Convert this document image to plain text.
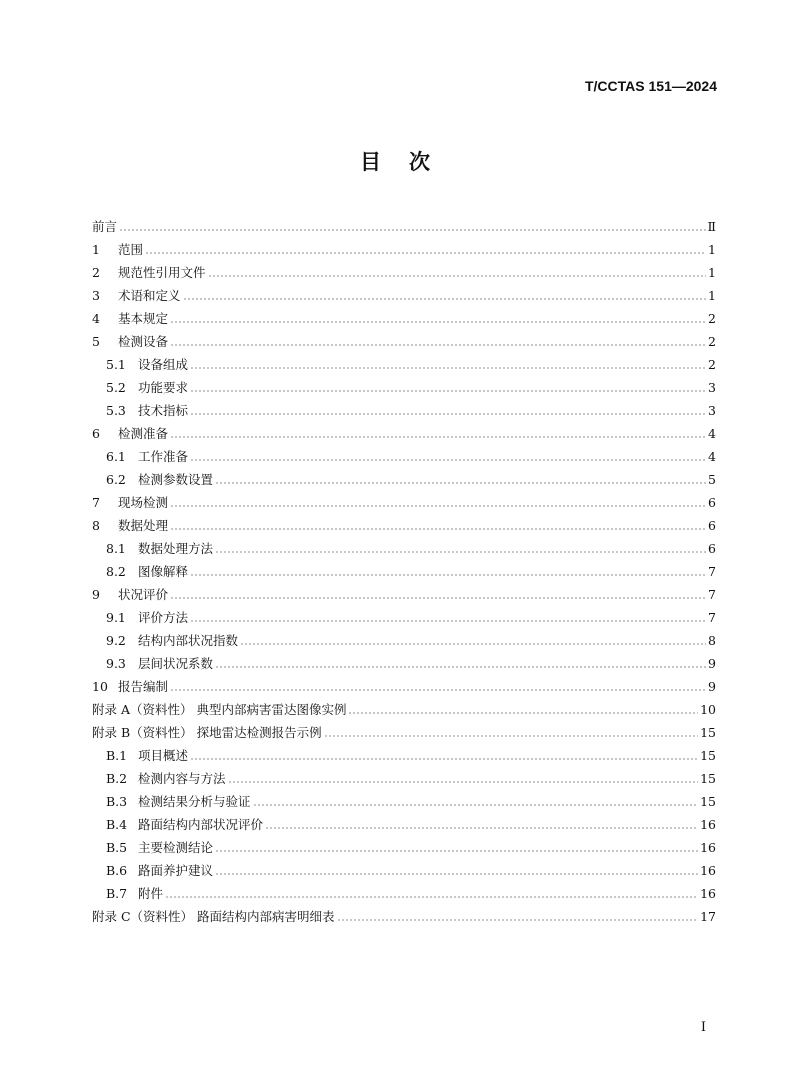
T/CCTAS 151—2024
目次
前言	Ⅱ
1	范围	1
2	规范性引用文件	1
3	术语和定义	1
4	基本规定	2
5	检测设备	2
5.1 设备组成	2
5.2 功能要求	3
5.3 技术指标	3
6	检测准备	4
6.1 工作准备	4
6.2 检测参数设置	5
7	现场检测	6
8	数据处理	6
8.1 数据处理方法	6
8.2 图像解释	7
9	状况评价	7
9.1 评价方法	7
9.2 结构内部状况指数	8
9.3 层间状况系数	9
10 报告编制	9
附录 A（资料性） 典型内部病害雷达图像实例	10
附录 B（资料性） 探地雷达检测报告示例	15
B.1 项目概述	15
B.2 检测内容与方法	15
B.3 检测结果分析与验证	15
B.4 路面结构内部状况评价	16
B.5 主要检测结论	16
B.6 路面养护建议	16
B.7 附件	16
附录 C（资料性） 路面结构内部病害明细表	17
I
